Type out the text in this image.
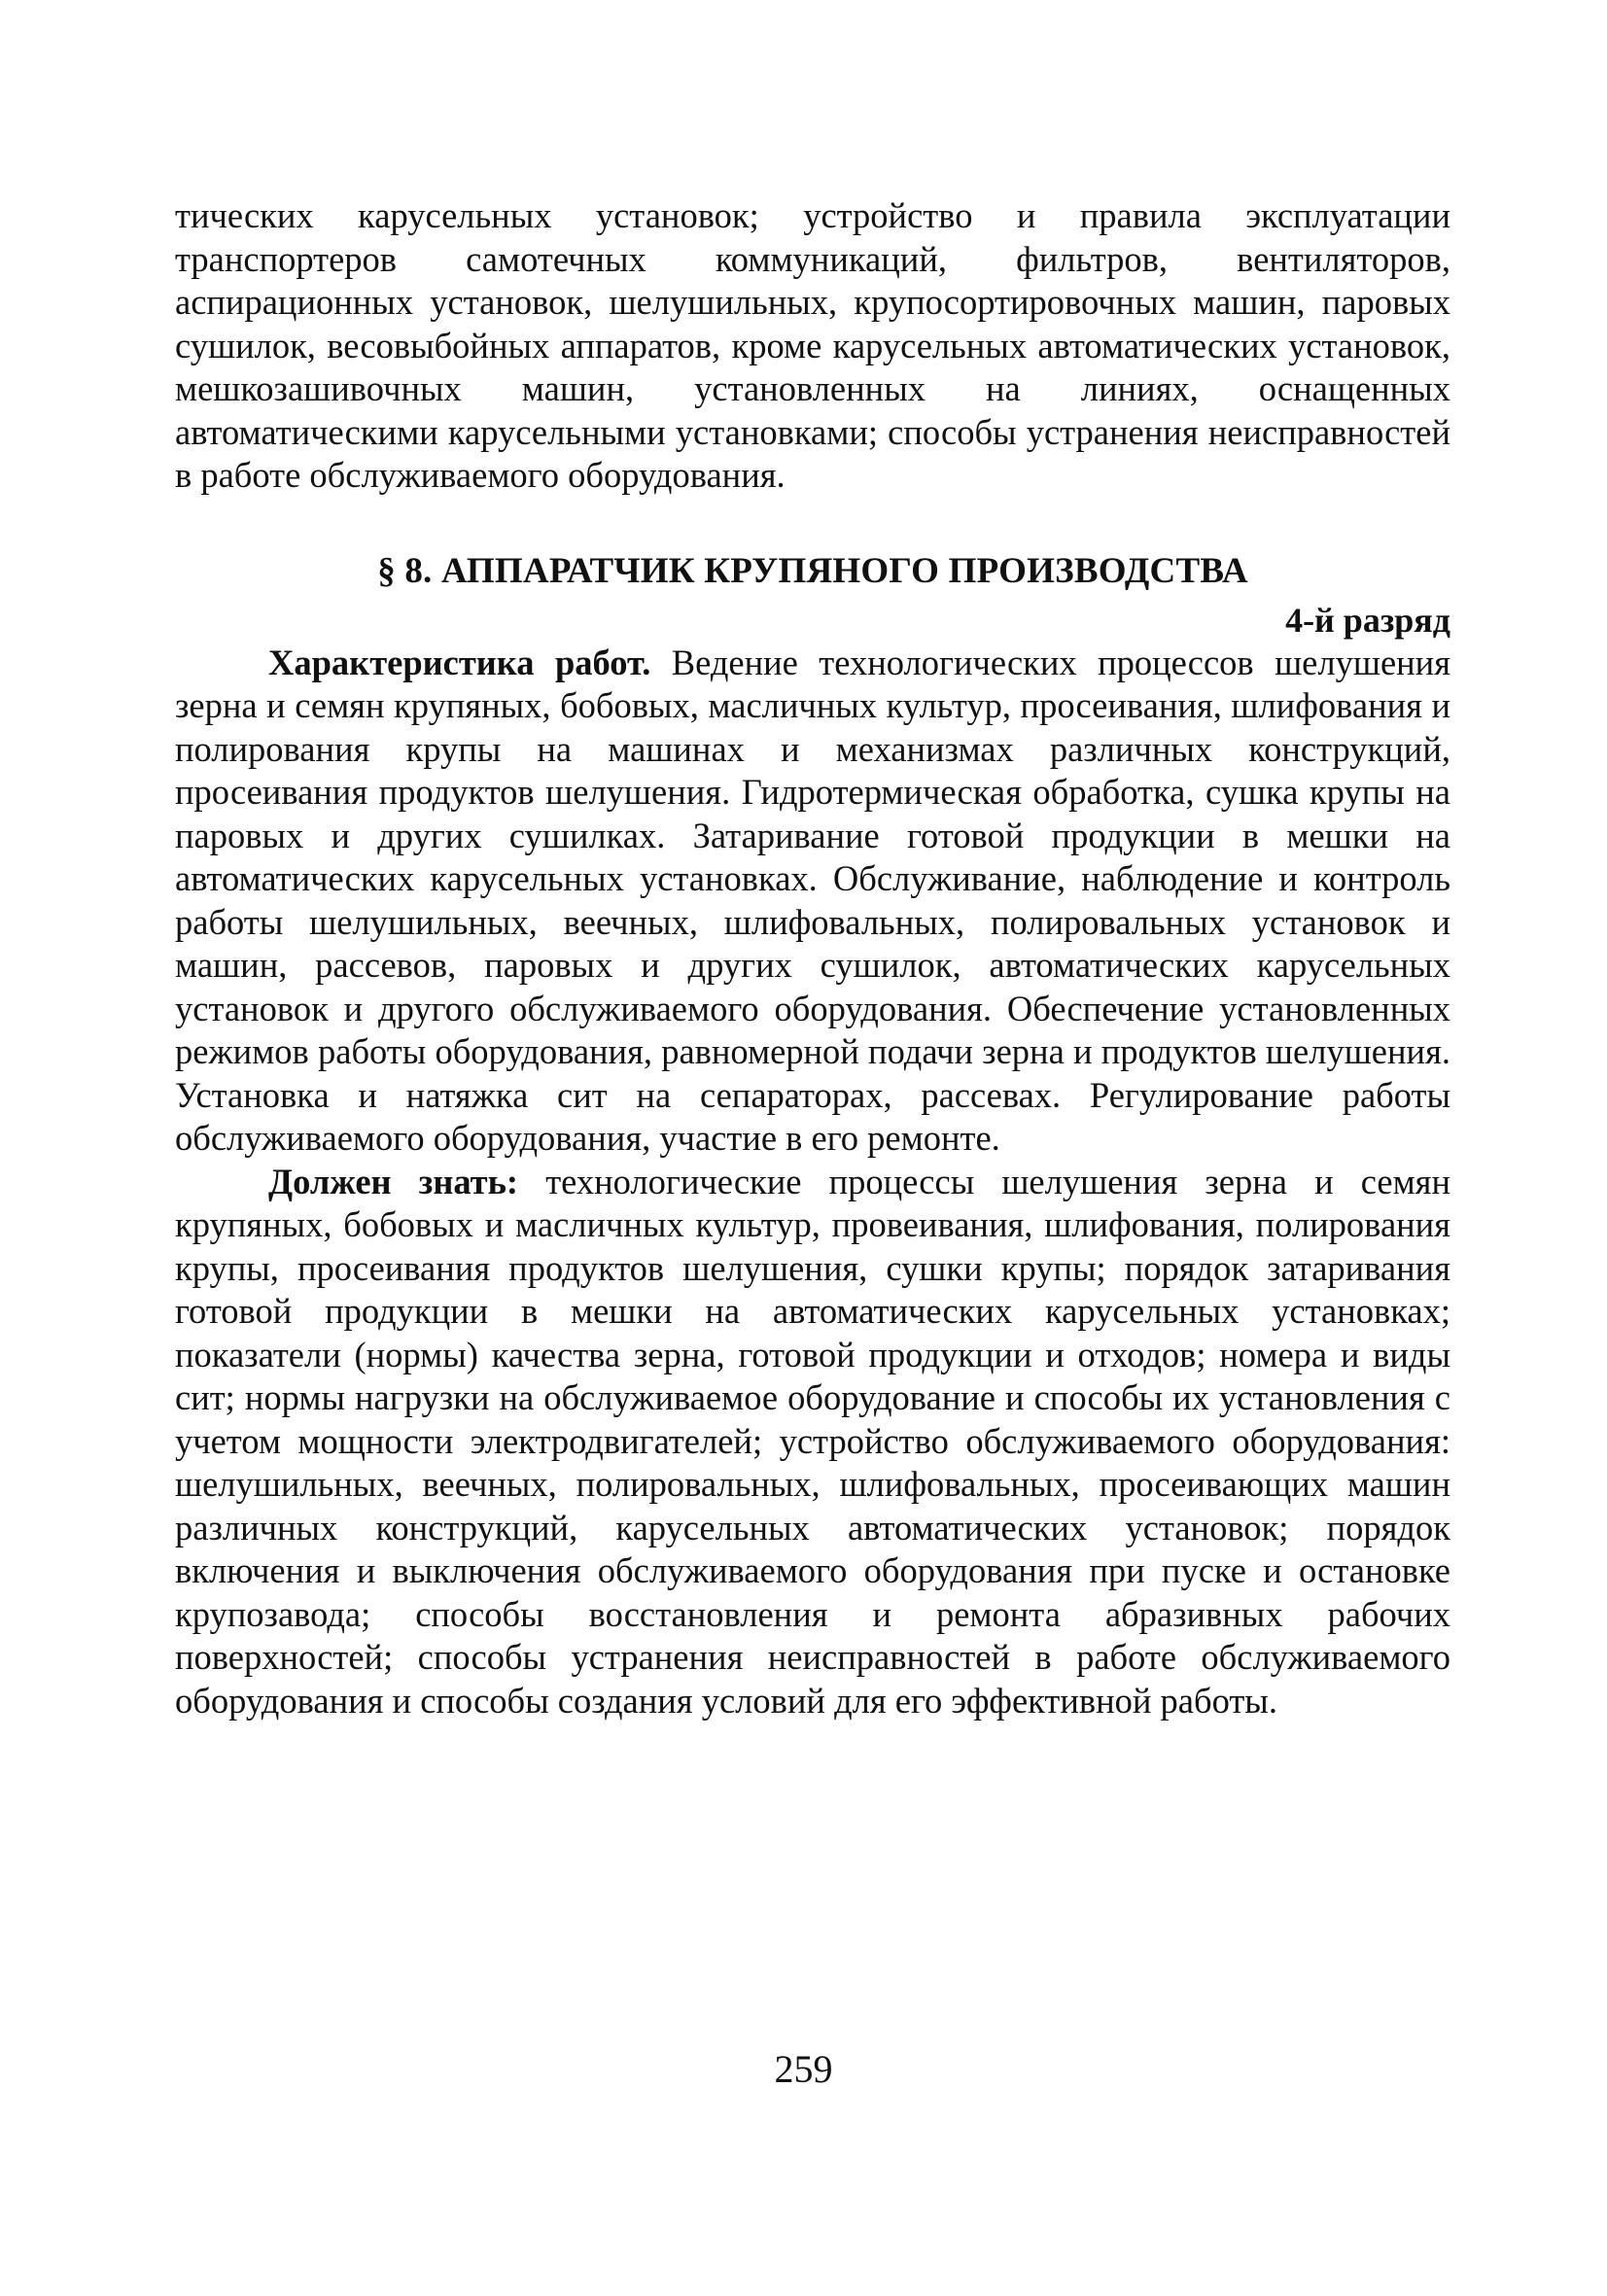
тических карусельных установок; устройство и правила эксплуатации транспортеров самотечных коммуникаций, фильтров, вентиляторов, аспирационных установок, шелушильных, крупосортировочных машин, паровых сушилок, весовыбойных аппаратов, кроме карусельных автоматических установок, мешкозашивочных машин, установленных на линиях, оснащенных автоматическими карусельными установками; способы устранения неисправностей в работе обслуживаемого оборудования.

§ 8. АППАРАТЧИК КРУПЯНОГО ПРОИЗВОДСТВА
4-й разряд

Характеристика работ. Ведение технологических процессов шелушения зерна и семян крупяных, бобовых, масличных культур, просеивания, шлифования и полирования крупы на машинах и механизмах различных конструкций, просеивания продуктов шелушения. Гидротермическая обработка, сушка крупы на паровых и других сушилках. Затаривание готовой продукции в мешки на автоматических карусельных установках. Обслуживание, наблюдение и контроль работы шелушильных, веечных, шлифовальных, полировальных установок и машин, рассевов, паровых и других сушилок, автоматических карусельных установок и другого обслуживаемого оборудования. Обеспечение установленных режимов работы оборудования, равномерной подачи зерна и продуктов шелушения. Установка и натяжка сит на сепараторах, рассевах. Регулирование работы обслуживаемого оборудования, участие в его ремонте.

Должен знать: технологические процессы шелушения зерна и семян крупяных, бобовых и масличных культур, провеивания, шлифования, полирования крупы, просеивания продуктов шелушения, сушки крупы; порядок затаривания готовой продукции в мешки на автоматических карусельных установках; показатели (нормы) качества зерна, готовой продукции и отходов; номера и виды сит; нормы нагрузки на обслуживаемое оборудование и способы их установления с учетом мощности электродвигателей; устройство обслуживаемого оборудования: шелушильных, веечных, полировальных, шлифовальных, просеивающих машин различных конструкций, карусельных автоматических установок; порядок включения и выключения обслуживаемого оборудования при пуске и остановке крупозавода; способы восстановления и ремонта абразивных рабочих поверхностей; способы устранения неисправностей в работе обслуживаемого оборудования и способы создания условий для его эффективной работы.

259
